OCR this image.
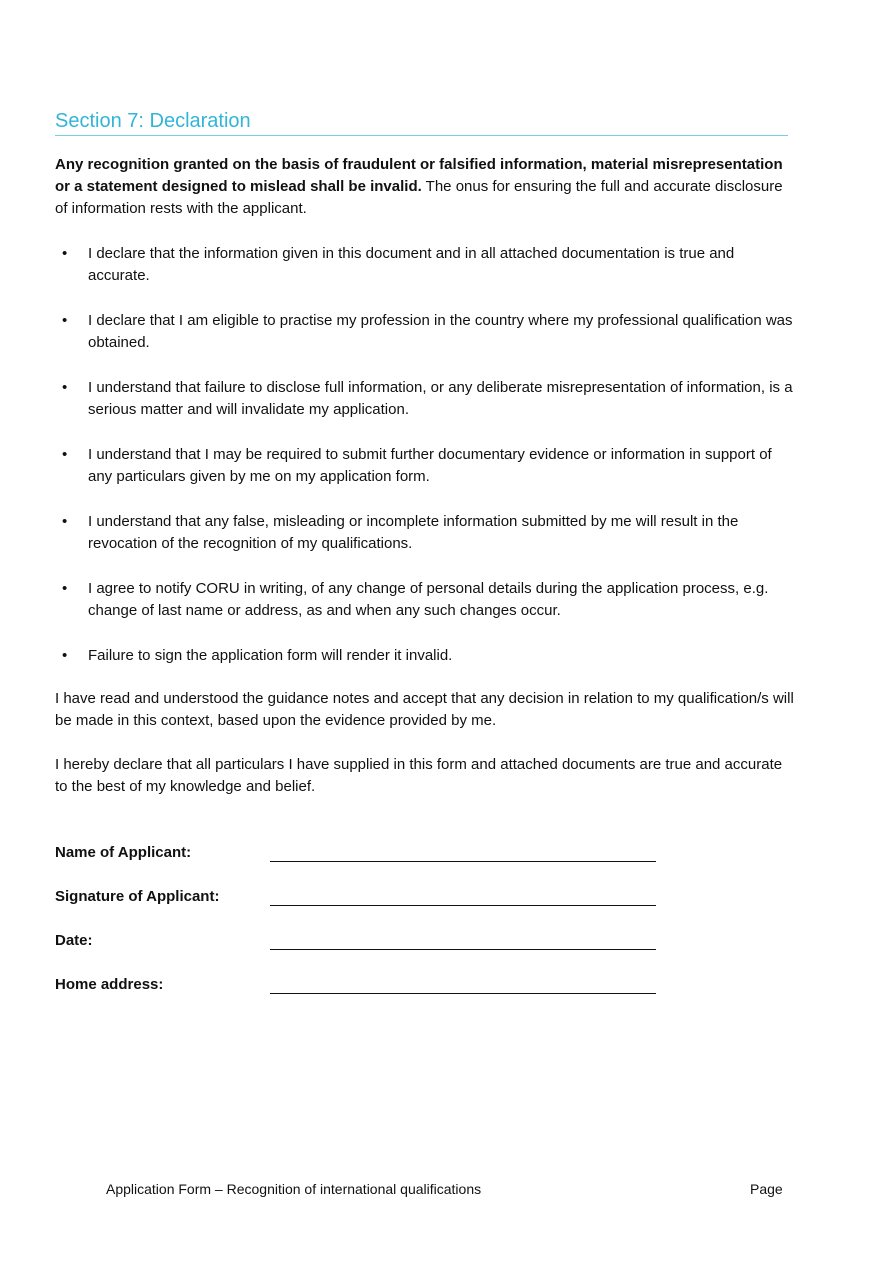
Section 7: Declaration
Any recognition granted on the basis of fraudulent or falsified information, material misrepresentation or a statement designed to mislead shall be invalid. The onus for ensuring the full and accurate disclosure of information rests with the applicant.
• I declare that the information given in this document and in all attached documentation is true and accurate.
• I declare that I am eligible to practise my profession in the country where my professional qualification was obtained.
• I understand that failure to disclose full information, or any deliberate misrepresentation of information, is a serious matter and will invalidate my application.
• I understand that I may be required to submit further documentary evidence or information in support of any particulars given by me on my application form.
• I understand that any false, misleading or incomplete information submitted by me will result in the revocation of the recognition of my qualifications.
• I agree to notify CORU in writing, of any change of personal details during the application process, e.g. change of last name or address, as and when any such changes occur.
• Failure to sign the application form will render it invalid.
I have read and understood the guidance notes and accept that any decision in relation to my qualification/s will be made in this context, based upon the evidence provided by me.
I hereby declare that all particulars I have supplied in this form and attached documents are true and accurate to the best of my knowledge and belief.
Name of Applicant:
Signature of Applicant:
Date:
Home address:
Application Form – Recognition of international qualifications	Page
